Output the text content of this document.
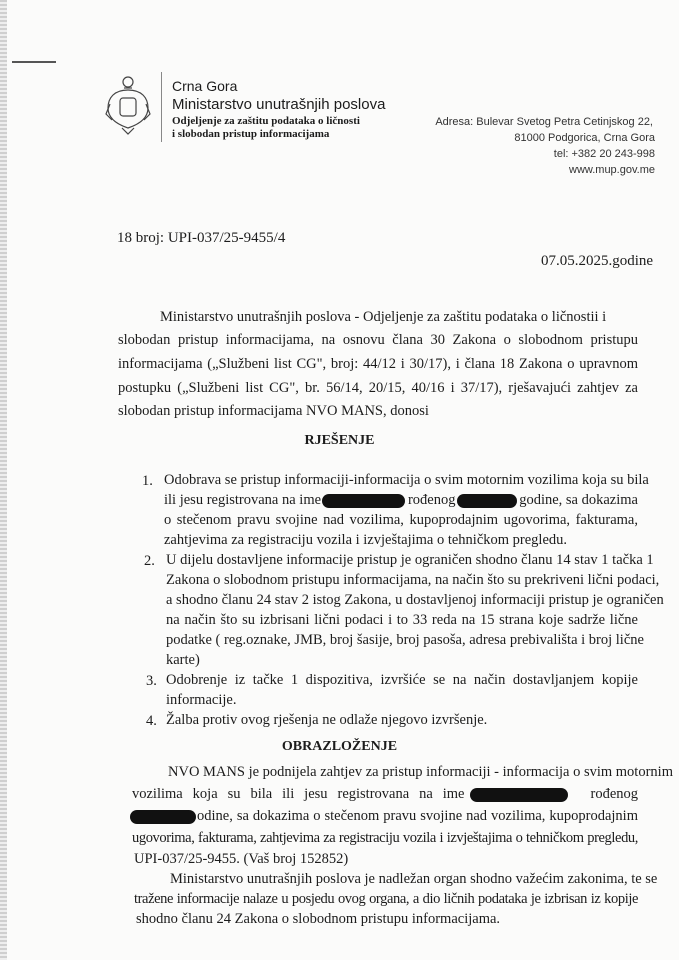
Crna Gora
Ministarstvo unutrašnjih poslova
Odjeljenje za zaštitu podataka o ličnosti
i slobodan pristup informacijama
Adresa: Bulevar Svetog Petra Cetinjskog 22,
81000 Podgorica, Crna Gora
tel: +382 20 243-998
www.mup.gov.me
18 broj: UPI-037/25-9455/4
07.05.2025.godine
Ministarstvo unutrašnjih poslova - Odjeljenje za zaštitu podataka o ličnostii i
slobodan pristup informacijama, na osnovu člana 30 Zakona o slobodnom pristupu
informacijama („Službeni list CG", broj: 44/12 i 30/17), i člana 18 Zakona o upravnom
postupku („Službeni list CG", br. 56/14, 20/15, 40/16 i 37/17), rješavajući zahtjev za
slobodan pristup informacijama NVO MANS, donosi
RJEŠENJE
1. Odobrava se pristup informaciji-informacija o svim motornim vozilima koja su bila
ili jesu registrovana na ime	rođenog	godine, sa dokazima
o stečenom pravu svojine nad vozilima, kupoprodajnim ugovorima, fakturama,
zahtjevima za registraciju vozila i izvještajima o tehničkom pregledu.
2. U dijelu dostavljene informacije pristup je ograničen shodno članu 14 stav 1 tačka 1
Zakona o slobodnom pristupu informacijama, na način što su prekriveni lični podaci,
a shodno članu 24 stav 2 istog Zakona, u dostavljenoj informaciji pristup je ograničen
na način što su izbrisani lični podaci i to 33 reda na 15 strana koje sadrže lične
podatke ( reg.oznake, JMB, broj šasije, broj pasoša, adresa prebivališta i broj lične
karte)
3. Odobrenje iz tačke 1 dispozitiva, izvršiće se na način dostavljanjem kopije
informacije.
4. Žalba protiv ovog rješenja ne odlaže njegovo izvršenje.
OBRAZLOŽENJE
NVO MANS je podnijela zahtjev za pristup informaciji - informacija o svim motornim
vozilima koja su bila ili jesu registrovana na ime	rođenog
odine, sa dokazima o stečenom pravu svojine nad vozilima, kupoprodajnim
ugovorima, fakturama, zahtjevima za registraciju vozila i izvještajima o tehničkom pregledu,
UPI-037/25-9455. (Vaš broj 152852)
Ministarstvo unutrašnjih poslova je nadležan organ shodno važećim zakonima, te se
tražene informacije nalaze u posjedu ovog organa, a dio ličnih podataka je izbrisan iz kopije
shodno članu 24 Zakona o slobodnom pristupu informacijama.
